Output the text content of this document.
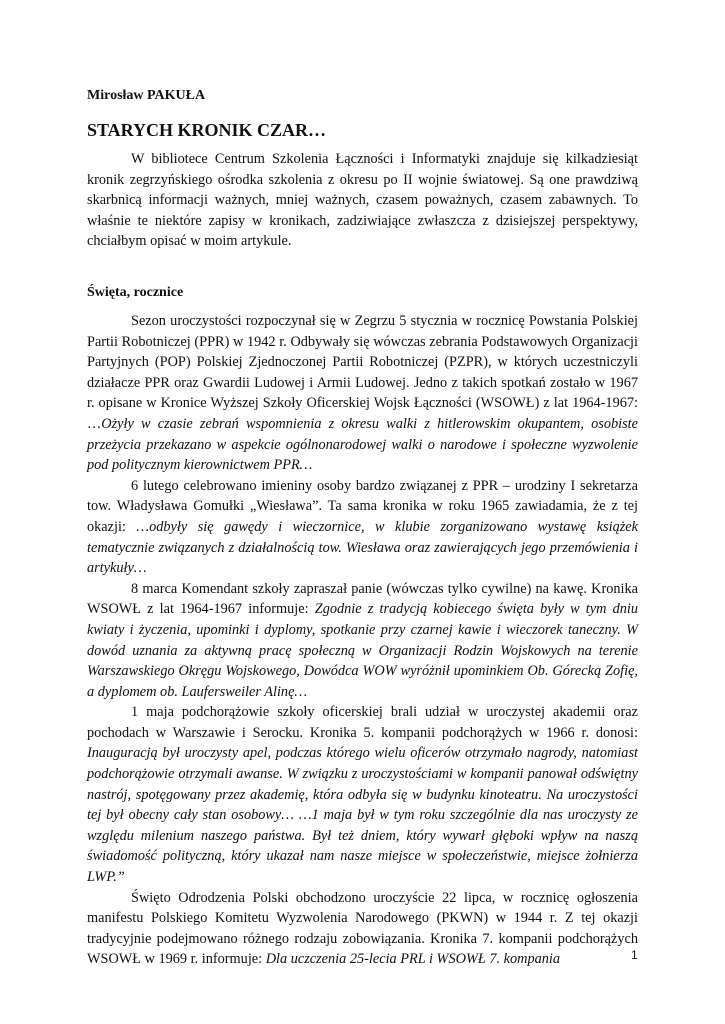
Mirosław PAKUŁA

STARYCH KRONIK CZAR…

W bibliotece Centrum Szkolenia Łączności i Informatyki znajduje się kilkadziesiąt kronik zegrzyńskiego ośrodka szkolenia z okresu po II wojnie światowej. Są one prawdziwą skarbnicą informacji ważnych, mniej ważnych, czasem poważnych, czasem zabawnych. To właśnie te niektóre zapisy w kronikach, zadziwiające zwłaszcza z dzisiejszej perspektywy, chciałbym opisać w moim artykule.

Święta, rocznice

Sezon uroczystości rozpoczynał się w Zegrzu 5 stycznia w rocznicę Powstania Polskiej Partii Robotniczej (PPR) w 1942 r. Odbywały się wówczas zebrania Podstawowych Organizacji Partyjnych (POP) Polskiej Zjednoczonej Partii Robotniczej (PZPR), w których uczestniczyli działacze PPR oraz Gwardii Ludowej i Armii Ludowej. Jedno z takich spotkań zostało w 1967 r. opisane w Kronice Wyższej Szkoły Oficerskiej Wojsk Łączności (WSOWŁ) z lat 1964-1967: …Ożyły w czasie zebrań wspomnienia z okresu walki z hitlerowskim okupantem, osobiste przeżycia przekazano w aspekcie ogólnonarodowej walki o narodowe i społeczne wyzwolenie pod politycznym kierownictwem PPR…

6 lutego celebrowano imieniny osoby bardzo związanej z PPR – urodziny I sekretarza tow. Władysława Gomułki „Wiesława”. Ta sama kronika w roku 1965 zawiadamia, że z tej okazji: …odbyły się gawędy i wieczornice, w klubie zorganizowano wystawę książek tematycznie związanych z działalnością tow. Wiesława oraz zawierających jego przemówienia i artykuły…

8 marca Komendant szkoły zapraszał panie (wówczas tylko cywilne) na kawę. Kronika WSOWŁ z lat 1964-1967 informuje: Zgodnie z tradycją kobiecego święta były w tym dniu kwiaty i życzenia, upominki i dyplomy, spotkanie przy czarnej kawie i wieczorek taneczny. W dowód uznania za aktywną pracę społeczną w Organizacji Rodzin Wojskowych na terenie Warszawskiego Okręgu Wojskowego, Dowódca WOW wyróżnił upominkiem Ob. Górecką Zofię, a dyplomem ob. Laufersweiler Alinę…

1 maja podchorążowie szkoły oficerskiej brali udział w uroczystej akademii oraz pochodach w Warszawie i Serocku. Kronika 5. kompanii podchorążych w 1966 r. donosi: Inauguracją był uroczysty apel, podczas którego wielu oficerów otrzymało nagrody, natomiast podchorążowie otrzymali awanse. W związku z uroczystościami w kompanii panował odświętny nastrój, spotęgowany przez akademię, która odbyła się w budynku kinoteatru. Na uroczystości tej był obecny cały stan osobowy… …1 maja był w tym roku szczególnie dla nas uroczysty ze względu milenium naszego państwa. Był też dniem, który wywarł głęboki wpływ na naszą świadomość polityczną, który ukazał nam nasze miejsce w społeczeństwie, miejsce żołnierza LWP.”

Święto Odrodzenia Polski obchodzono uroczyście 22 lipca, w rocznicę ogłoszenia manifestu Polskiego Komitetu Wyzwolenia Narodowego (PKWN) w 1944 r. Z tej okazji tradycyjnie podejmowano różnego rodzaju zobowiązania. Kronika 7. kompanii podchorążych WSOWŁ w 1969 r. informuje: Dla uczczenia 25-lecia PRL i WSOWŁ 7. kompania	1
